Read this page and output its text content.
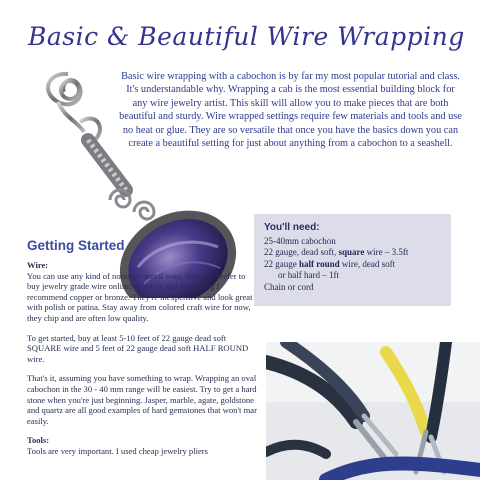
Basic & Beautiful Wire Wrapping

Basic wire wrapping with a cabochon is by far my most popular tutorial and class. It's understandable why. Wrapping a cab is the most essential building block for any wire jewelry artist. This skill will allow you to make pieces that are both beautiful and sturdy. Wire wrapped settings require few materials and tools and use no heat or glue. They are so versatile that once you have the basics down you can create a beautiful setting for just about anything from a cabochon to a seashell.

You'll need:
25-40mm cabochon
22 gauge, dead soft, square wire – 3.5ft
22 gauge half round wire, dead soft
or half hard – 1ft
Chain or cord
Getting Started

Wire:
You can use any kind of nontoxic metal wire, though I prefer to buy jewelry grade wire online. If you're just beginning I recommend copper or bronze. They're inexpensive and look great with polish or patina. Stay away from colored craft wire for now, they chip and are often low quality.

To get started, buy at least 5-10 feet of 22 gauge dead soft SQUARE wire and 5 feet of 22 gauge dead soft HALF ROUND wire.

That's it, assuming you have something to wrap. Wrapping an oval cabochon in the 30 - 40 mm range will be easiest. Try to get a hard stone when you're just beginning. Jasper, marble, agate, goldstone and quartz are all good examples of hard gemstones that won't mar easily.

Tools:
Tools are very important. I used cheap jewelry pliers
